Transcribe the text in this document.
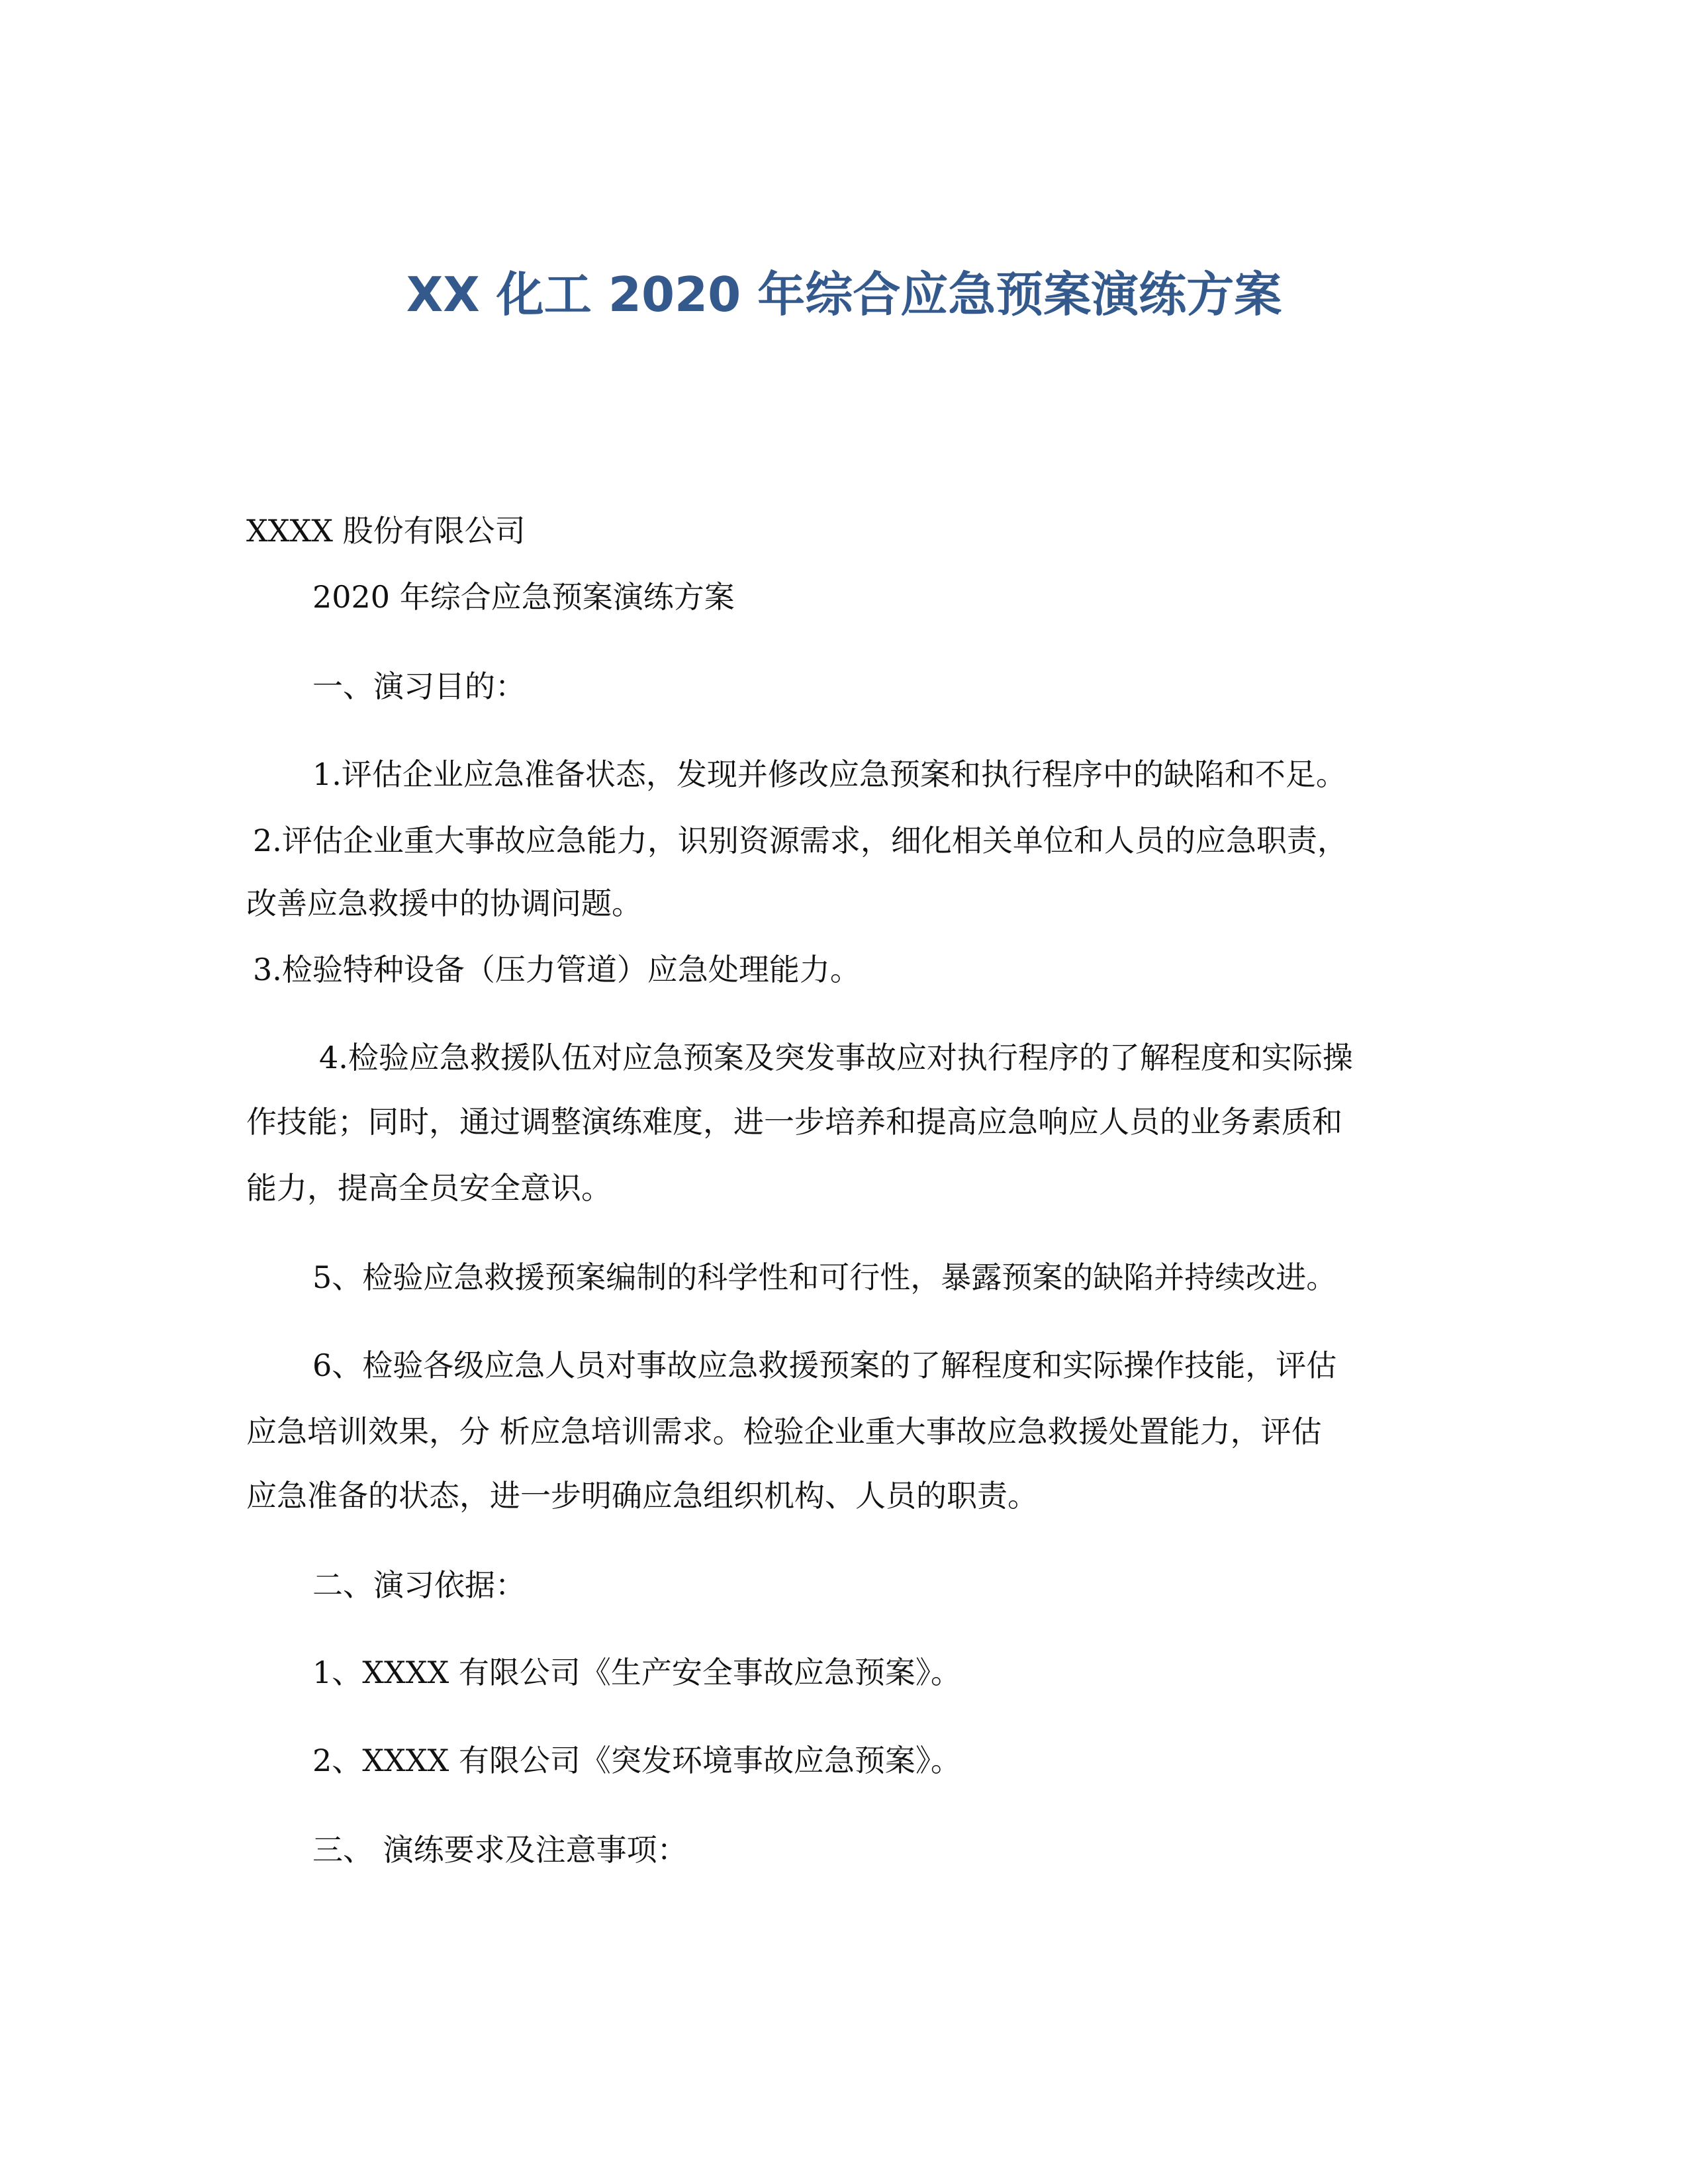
XX 化工 2020 年综合应急预案演练方案
XXXX 股份有限公司
2020 年综合应急预案演练方案
一、演习目的：
1.评估企业应急准备状态，发现并修改应急预案和执行程序中的缺陷和不足。
2.评估企业重大事故应急能力，识别资源需求，细化相关单位和人员的应急职责，
改善应急救援中的协调问题。
3.检验特种设备（压力管道）应急处理能力。
4.检验应急救援队伍对应急预案及突发事故应对执行程序的了解程度和实际操
作技能；同时，通过调整演练难度，进一步培养和提高应急响应人员的业务素质和
能力，提高全员安全意识。
5、检验应急救援预案编制的科学性和可行性，暴露预案的缺陷并持续改进。
6、检验各级应急人员对事故应急救援预案的了解程度和实际操作技能，评估
应急培训效果，分 析应急培训需求。检验企业重大事故应急救援处置能力，评估
应急准备的状态，进一步明确应急组织机构、人员的职责。
二、演习依据：
1、XXXX 有限公司《生产安全事故应急预案》。
2、XXXX 有限公司《突发环境事故应急预案》。
三、 演练要求及注意事项：
